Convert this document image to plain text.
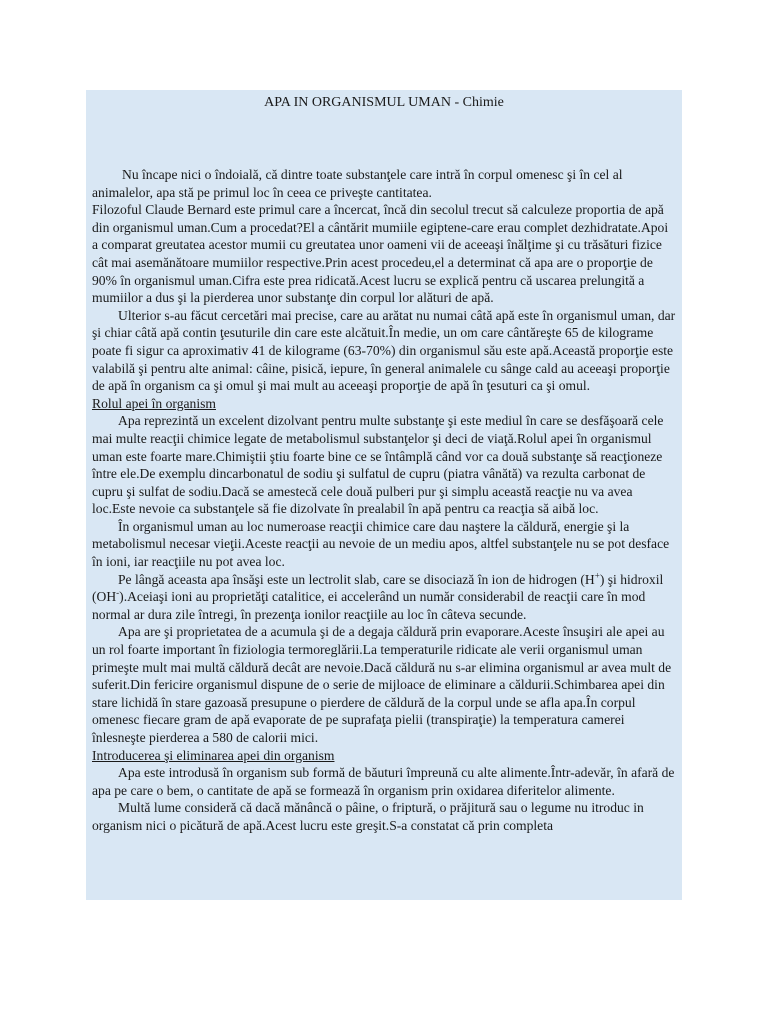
APA IN ORGANISMUL UMAN - Chimie

Nu încape nici o îndoială, că dintre toate substanţele care intră în corpul omenesc şi în cel al animalelor, apa stă pe primul loc în ceea ce priveşte cantitatea.

Filozoful Claude Bernard este primul care a încercat, încă din secolul trecut să calculeze proportia de apă din organismul uman.Cum a procedat?El a cântărit mumiile egiptene-care erau complet dezhidratate.Apoi a comparat greutatea acestor mumii cu greutatea unor oameni vii de aceeaşi înălţime şi cu trăsături fizice cât mai asemănătoare mumiilor respective.Prin acest procedeu,el a determinat că apa are o proporţie de 90% în organismul uman.Cifra este prea ridicată.Acest lucru se explică pentru că uscarea prelungită a mumiilor a dus şi la pierderea unor substanţe din corpul lor alături de apă.

Ulterior s-au făcut cercetări mai precise, care au arătat nu numai câtă apă este în organismul uman, dar şi chiar câtă apă contin ţesuturile din care este alcătuit.În medie, un om care cântăreşte 65 de kilograme poate fi sigur ca aproximativ 41 de kilograme (63-70%) din organismul său este apă.Această proporţie este valabilă şi pentru alte animal: câine, pisică, iepure, în general animalele cu sânge cald au aceeaşi proporţie de apă în organism ca şi omul şi mai mult au aceeaşi proporţie de apă în ţesuturi ca şi omul.

Rolul apei în organism

Apa reprezintă un excelent dizolvant pentru multe substanţe şi este mediul în care se desfăşoară cele mai multe reacţii chimice legate de metabolismul substanţelor şi deci de viaţă.Rolul apei în organismul uman este foarte mare.Chimiştii ştiu foarte bine ce se întâmplă când vor ca două substanţe să reacţioneze între ele.De exemplu dincarbonatul de sodiu şi sulfatul de cupru (piatra vânătă) va rezulta carbonat de cupru şi sulfat de sodiu.Dacă se amestecă cele două pulberi pur şi simplu această reacţie nu va avea loc.Este nevoie ca substanţele să fie dizolvate în prealabil în apă pentru ca reacţia să aibă loc.

În organismul uman au loc numeroase reacţii chimice care dau naştere la căldură, energie şi la metabolismul necesar vieţii.Aceste reacţii au nevoie de un mediu apos, altfel substanţele nu se pot desface în ioni, iar reacţiile nu pot avea loc.

Pe lângă aceasta apa însăşi este un lectrolit slab, care se disociază în ion de hidrogen (H+) şi hidroxil (OH-).Aceiaşi ioni au proprietăţi catalitice, ei accelerând un număr considerabil de reacţii care în mod normal ar dura zile întregi, în prezenţa ionilor reacţiile au loc în câteva secunde.

Apa are şi proprietatea de a acumula şi de a degaja căldură prin evaporare.Aceste însuşiri ale apei au un rol foarte important în fiziologia termoreglării.La temperaturile ridicate ale verii organismul uman primeşte mult mai multă căldură decât are nevoie.Dacă căldură nu s-ar elimina organismul ar avea mult de suferit.Din fericire organismul dispune de o serie de mijloace de eliminare a căldurii.Schimbarea apei din stare lichidă în stare gazoasă presupune o pierdere de căldură de la corpul unde se afla apa.În corpul omenesc fiecare gram de apă evaporate de pe suprafaţa pielii (transpiraţie) la temperatura camerei înlesneşte pierderea a 580 de calorii mici.

Introducerea şi eliminarea apei din organism

Apa este introdusă în organism sub formă de băuturi împreună cu alte alimente.Într-adevăr, în afară de apa pe care o bem, o cantitate de apă se formează în organism prin oxidarea diferitelor alimente.

Multă lume consideră că dacă mănâncă o pâine, o friptură, o prăjitură sau o legume nu itroduc in organism nici o picătură de apă.Acest lucru este greşit.S-a constatat că prin completa
